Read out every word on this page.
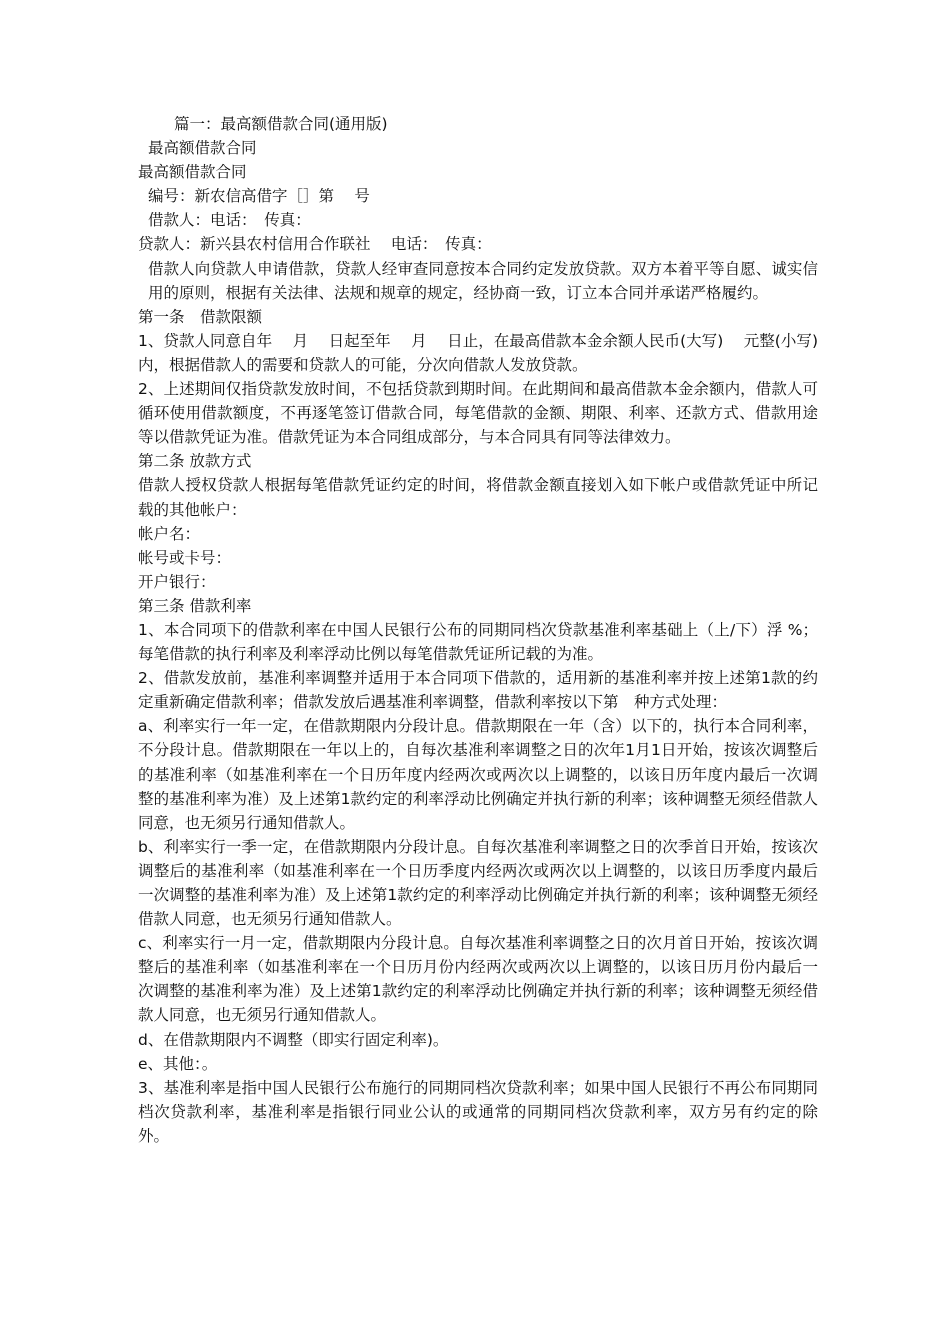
篇一：最高额借款合同(通用版)

最高额借款合同

最高额借款合同

编号：新农信高借字［］第　 号

借款人：电话：　传真：

贷款人：新兴县农村信用合作联社　 电话：　传真：

借款人向贷款人申请借款，贷款人经审查同意按本合同约定发放贷款。双方本着平等自愿、诚实信用的原则，根据有关法律、法规和规章的规定，经协商一致，订立本合同并承诺严格履约。

第一条　借款限额

1、贷款人同意自年　 月　 日起至年　 月　 日止，在最高借款本金余额人民币(大写)　 元整(小写)　 内，根据借款人的需要和贷款人的可能，分次向借款人发放贷款。

2、上述期间仅指贷款发放时间，不包括贷款到期时间。在此期间和最高借款本金余额内，借款人可循环使用借款额度，不再逐笔签订借款合同，每笔借款的金额、期限、利率、还款方式、借款用途等以借款凭证为准。借款凭证为本合同组成部分，与本合同具有同等法律效力。

第二条 放款方式

借款人授权贷款人根据每笔借款凭证约定的时间，将借款金额直接划入如下帐户或借款凭证中所记载的其他帐户：

帐户名：

帐号或卡号：

开户银行：

第三条 借款利率

1、本合同项下的借款利率在中国人民银行公布的同期同档次贷款基准利率基础上（上/下）浮 %；每笔借款的执行利率及利率浮动比例以每笔借款凭证所记载的为准。

2、借款发放前，基准利率调整并适用于本合同项下借款的，适用新的基准利率并按上述第1款的约定重新确定借款利率；借款发放后遇基准利率调整，借款利率按以下第　种方式处理：

a、利率实行一年一定，在借款期限内分段计息。借款期限在一年（含）以下的，执行本合同利率，不分段计息。借款期限在一年以上的，自每次基准利率调整之日的次年1月1日开始，按该次调整后的基准利率（如基准利率在一个日历年度内经两次或两次以上调整的，以该日历年度内最后一次调整的基准利率为准）及上述第1款约定的利率浮动比例确定并执行新的利率；该种调整无须经借款人同意，也无须另行通知借款人。

b、利率实行一季一定，在借款期限内分段计息。自每次基准利率调整之日的次季首日开始，按该次调整后的基准利率（如基准利率在一个日历季度内经两次或两次以上调整的，以该日历季度内最后一次调整的基准利率为准）及上述第1款约定的利率浮动比例确定并执行新的利率；该种调整无须经借款人同意，也无须另行通知借款人。

c、利率实行一月一定，借款期限内分段计息。自每次基准利率调整之日的次月首日开始，按该次调整后的基准利率（如基准利率在一个日历月份内经两次或两次以上调整的，以该日历月份内最后一次调整的基准利率为准）及上述第1款约定的利率浮动比例确定并执行新的利率；该种调整无须经借款人同意，也无须另行通知借款人。

d、在借款期限内不调整（即实行固定利率)。

e、其他：。

3、基准利率是指中国人民银行公布施行的同期同档次贷款利率；如果中国人民银行不再公布同期同档次贷款利率，基准利率是指银行同业公认的或通常的同期同档次贷款利率，双方另有约定的除外。
